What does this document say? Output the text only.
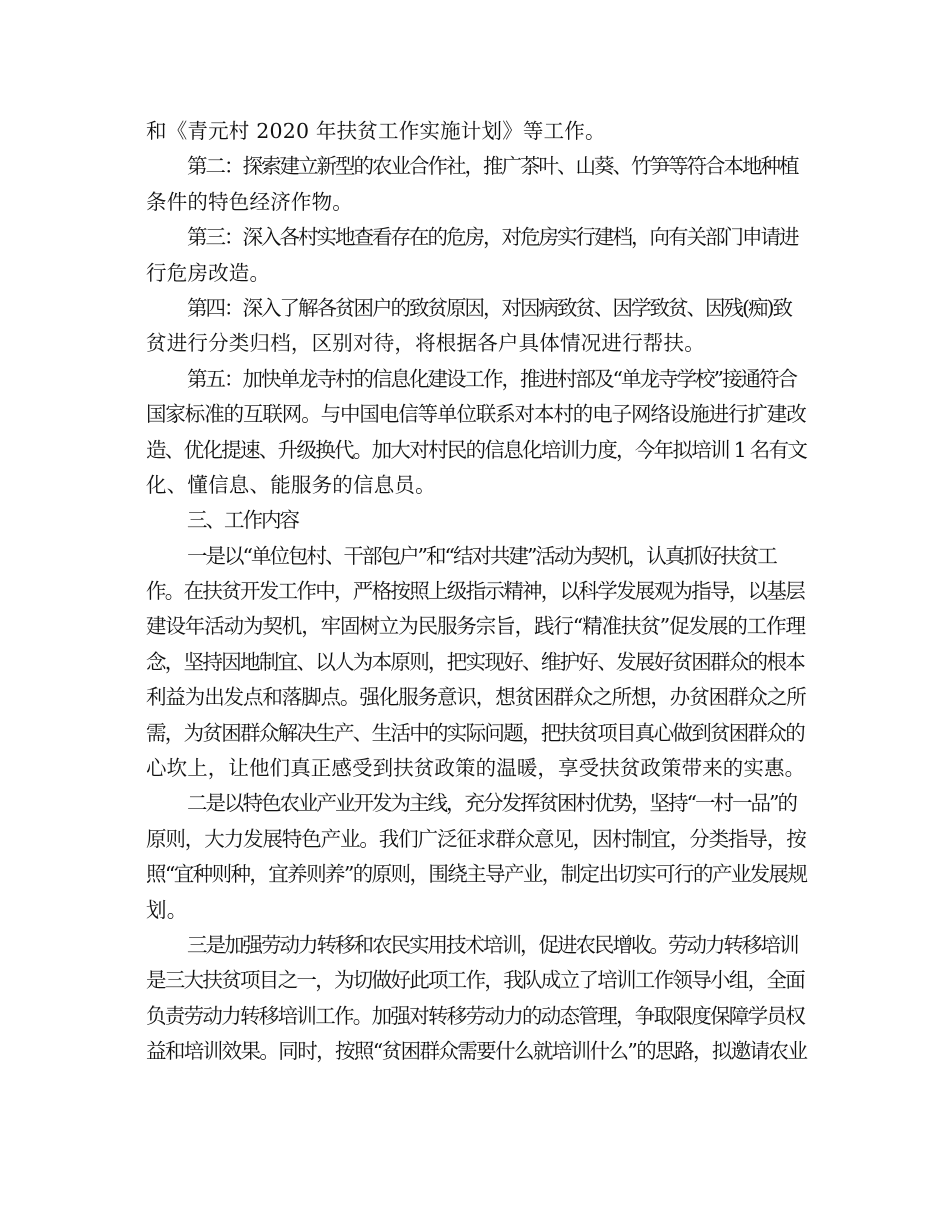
和《青元村 2020 年扶贫工作实施计划》等工作。
第二：探索建立新型的农业合作社，推广茶叶、山葵、竹笋等符合本地种植
条件的特色经济作物。
第三：深入各村实地查看存在的危房，对危房实行建档，向有关部门申请进
行危房改造。
第四：深入了解各贫困户的致贫原因，对因病致贫、因学致贫、因残(痴)致
贫进行分类归档，区别对待，将根据各户具体情况进行帮扶。
第五：加快单龙寺村的信息化建设工作，推进村部及“单龙寺学校”接通符合
国家标准的互联网。与中国电信等单位联系对本村的电子网络设施进行扩建改
造、优化提速、升级换代。加大对村民的信息化培训力度，今年拟培训 1 名有文
化、懂信息、能服务的信息员。
三、工作内容
一是以“单位包村、干部包户”和“结对共建”活动为契机，认真抓好扶贫工
作。在扶贫开发工作中，严格按照上级指示精神，以科学发展观为指导，以基层
建设年活动为契机，牢固树立为民服务宗旨，践行“精准扶贫”促发展的工作理
念，坚持因地制宜、以人为本原则，把实现好、维护好、发展好贫困群众的根本
利益为出发点和落脚点。强化服务意识，想贫困群众之所想，办贫困群众之所
需，为贫困群众解决生产、生活中的实际问题，把扶贫项目真心做到贫困群众的
心坎上，让他们真正感受到扶贫政策的温暖，享受扶贫政策带来的实惠。
二是以特色农业产业开发为主线，充分发挥贫困村优势，坚持“一村一品”的
原则，大力发展特色产业。我们广泛征求群众意见，因村制宜，分类指导，按
照“宜种则种，宜养则养”的原则，围绕主导产业，制定出切实可行的产业发展规
划。
三是加强劳动力转移和农民实用技术培训，促进农民增收。劳动力转移培训
是三大扶贫项目之一，为切做好此项工作，我队成立了培训工作领导小组，全面
负责劳动力转移培训工作。加强对转移劳动力的动态管理，争取限度保障学员权
益和培训效果。同时，按照“贫困群众需要什么就培训什么”的思路，拟邀请农业
